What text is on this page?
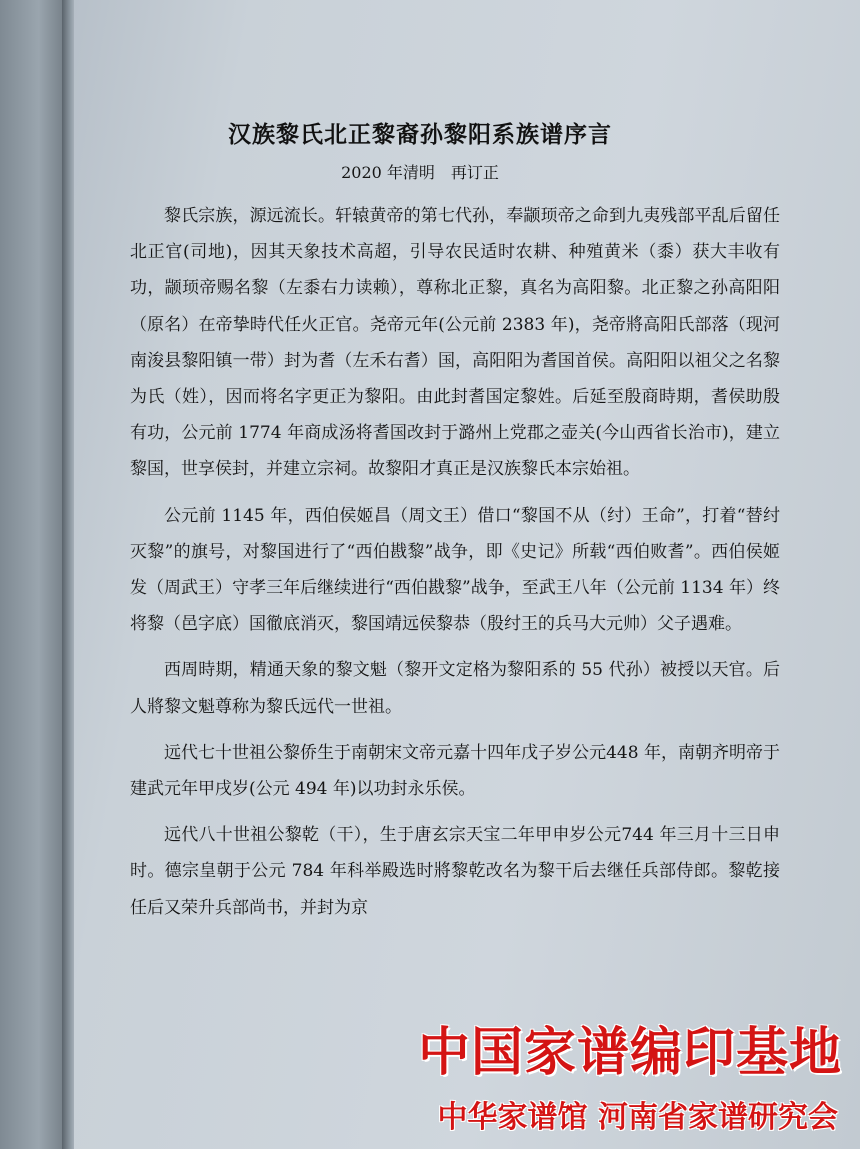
汉族黎氏北正黎裔孙黎阳系族谱序言
2020 年清明　再订正

黎氏宗族，源远流长。轩辕黄帝的第七代孙，奉颛顼帝之命到九夷残部平乱后留任北正官(司地)，因其天象技术高超，引导农民适时农耕、种殖黄米（黍）获大丰收有功，颛顼帝赐名黎（左黍右力读赖），尊称北正黎，真名为高阳黎。北正黎之孙高阳阳（原名）在帝挚時代任火正官。尧帝元年(公元前 2383 年)，尧帝將高阳氏部落（现河南浚县黎阳镇一带）封为耆（左禾右耆）国，高阳阳为耆国首侯。高阳阳以祖父之名黎为氏（姓），因而将名字更正为黎阳。由此封耆国定黎姓。后延至殷商時期，耆侯助殷有功，公元前 1774 年商成汤将耆国改封于潞州上党郡之壶关(今山西省长治市)，建立黎国，世享侯封，并建立宗祠。故黎阳才真正是汉族黎氏本宗始祖。

公元前 1145 年，西伯侯姬昌（周文王）借口“黎国不从（纣）王命”，打着“替纣灭黎”的旗号，对黎国进行了“西伯戡黎”战争，即《史记》所载“西伯败耆”。西伯侯姬发（周武王）守孝三年后继续进行“西伯戡黎”战争，至武王八年（公元前 1134 年）终将黎（邑字底）国徹底消灭，黎国靖远侯黎恭（殷纣王的兵马大元帅）父子遇难。

西周時期，精通天象的黎文魁（黎开文定格为黎阳系的 55 代孙）被授以天官。后人將黎文魁尊称为黎氏远代一世祖。

远代七十世祖公黎侨生于南朝宋文帝元嘉十四年戊子岁公元448 年，南朝齐明帝于建武元年甲戌岁(公元 494 年)以功封永乐侯。

远代八十世祖公黎乾（干），生于唐玄宗天宝二年甲申岁公元744 年三月十三日申时。德宗皇朝于公元 784 年科举殿选时將黎乾改名为黎干后去继任兵部侍郎。黎乾接任后又荣升兵部尚书，并封为京

中国家谱编印基地
中华家谱馆 河南省家谱研究会
